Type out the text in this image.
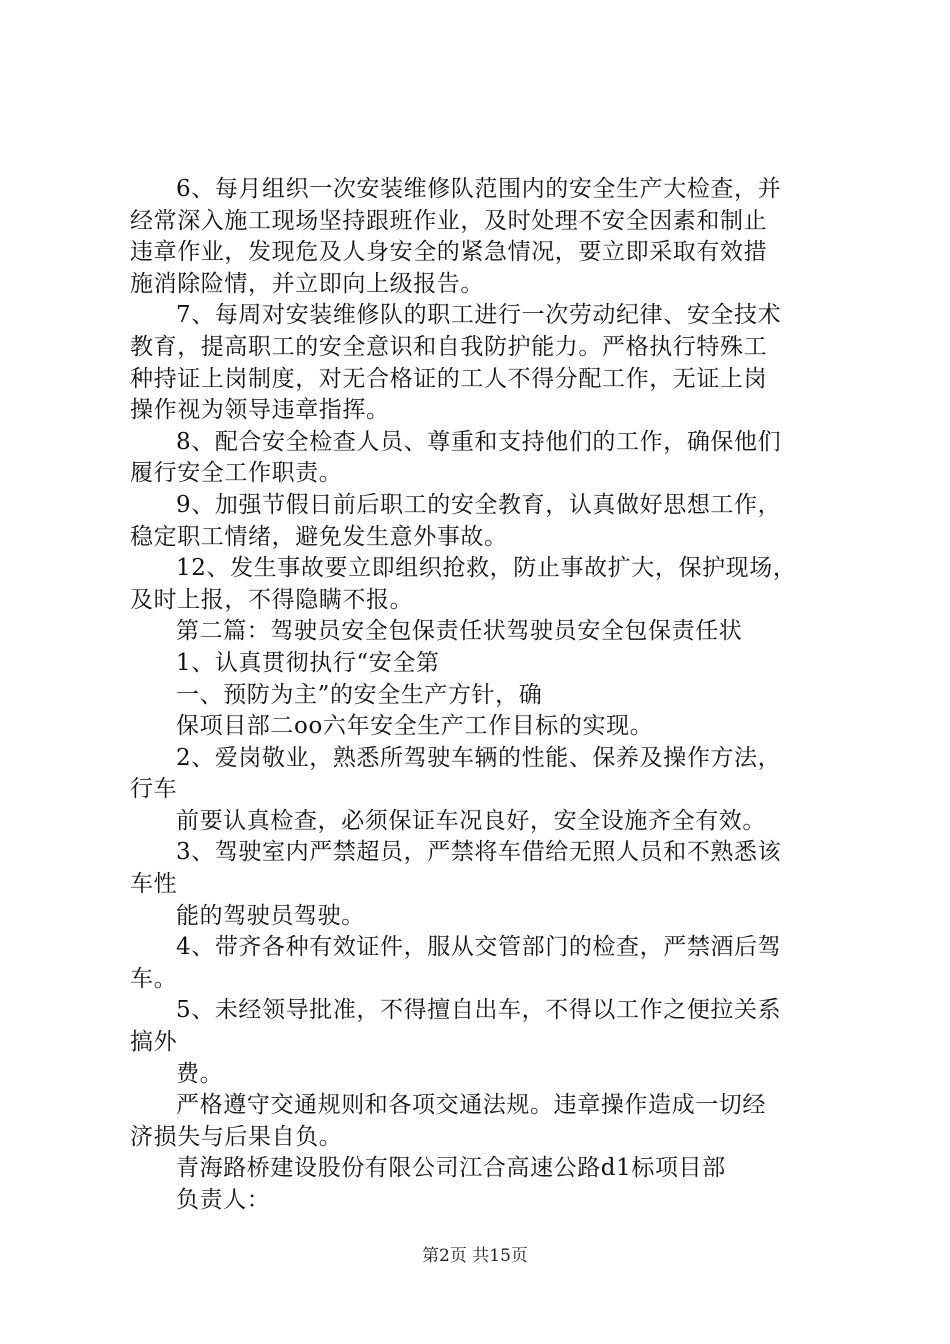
6、每月组织一次安装维修队范围内的安全生产大检查，并
经常深入施工现场坚持跟班作业，及时处理不安全因素和制止
违章作业，发现危及人身安全的紧急情况，要立即采取有效措
施消除险情，并立即向上级报告。
7、每周对安装维修队的职工进行一次劳动纪律、安全技术
教育，提高职工的安全意识和自我防护能力。严格执行特殊工
种持证上岗制度，对无合格证的工人不得分配工作，无证上岗
操作视为领导违章指挥。
8、配合安全检查人员、尊重和支持他们的工作，确保他们
履行安全工作职责。
9、加强节假日前后职工的安全教育，认真做好思想工作，
稳定职工情绪，避免发生意外事故。
12、发生事故要立即组织抢救，防止事故扩大，保护现场，
及时上报，不得隐瞒不报。
第二篇：驾驶员安全包保责任状驾驶员安全包保责任状
1、认真贯彻执行“安全第
一、预防为主”的安全生产方针，确
保项目部二oo六年安全生产工作目标的实现。
2、爱岗敬业，熟悉所驾驶车辆的性能、保养及操作方法，
行车
前要认真检查，必须保证车况良好，安全设施齐全有效。
3、驾驶室内严禁超员，严禁将车借给无照人员和不熟悉该
车性
能的驾驶员驾驶。
4、带齐各种有效证件，服从交管部门的检查，严禁酒后驾
车。
5、未经领导批准，不得擅自出车，不得以工作之便拉关系
搞外
费。
严格遵守交通规则和各项交通法规。违章操作造成一切经
济损失与后果自负。
青海路桥建设股份有限公司江合高速公路d1标项目部
负责人：
第2页 共15页
